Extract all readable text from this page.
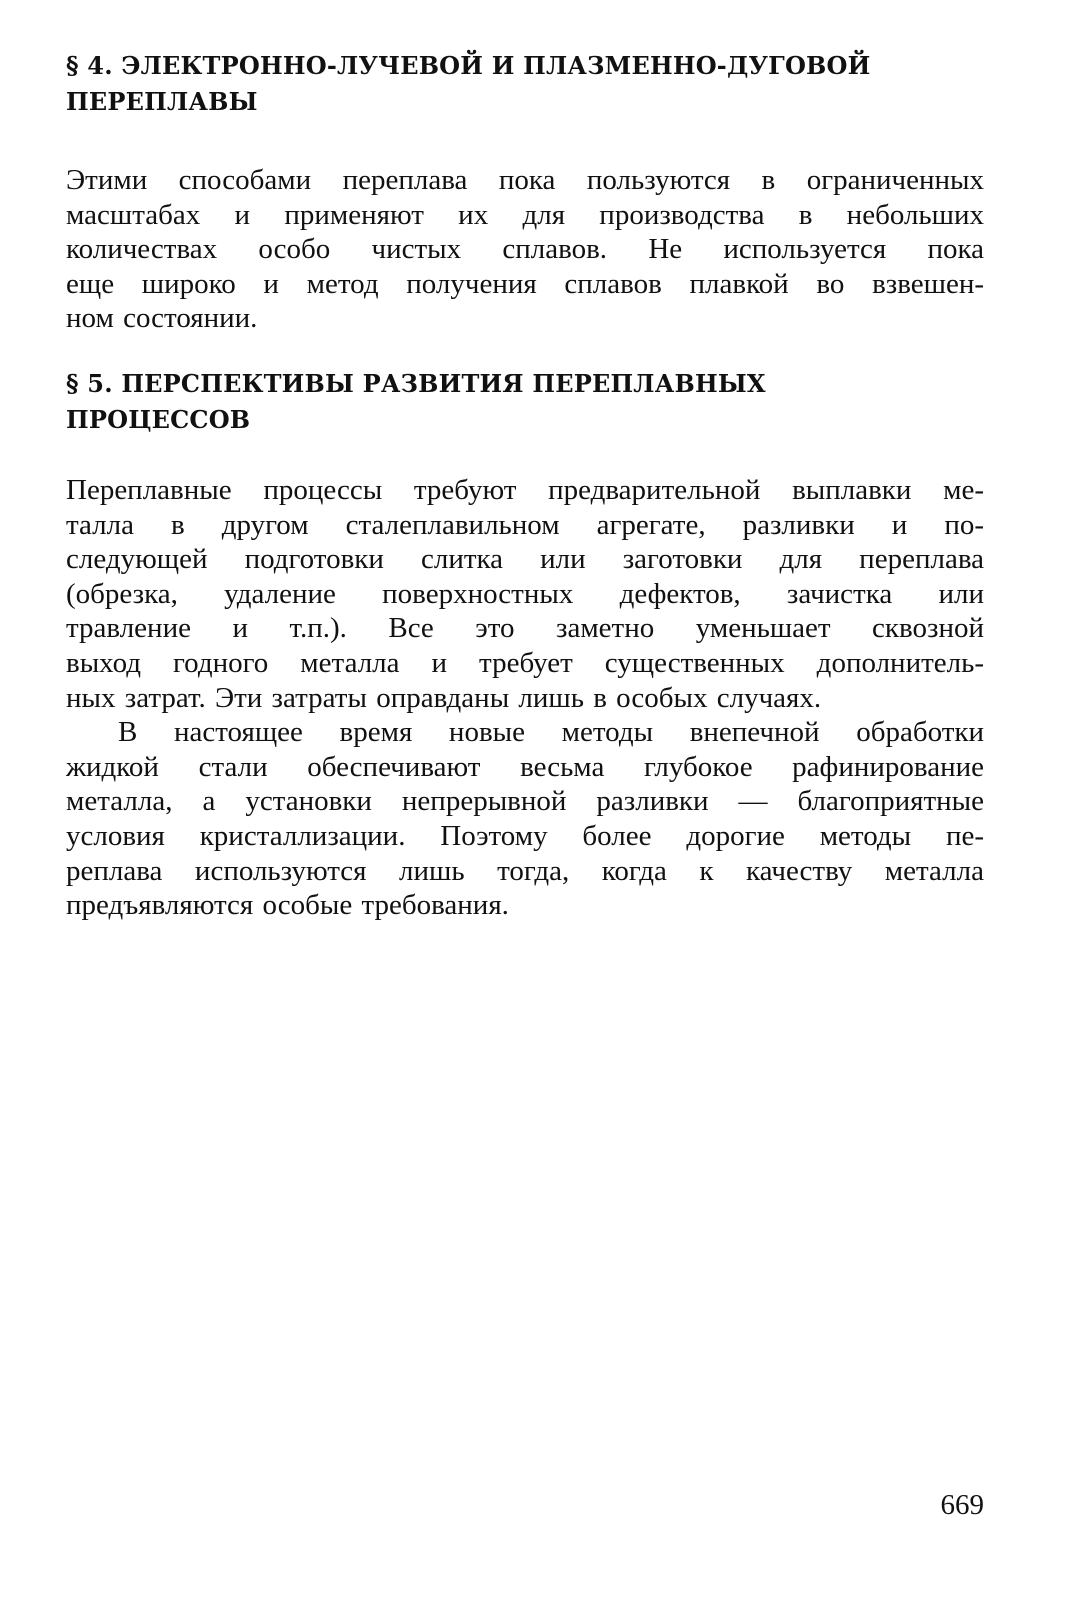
§ 4. ЭЛЕКТРОННО-ЛУЧЕВОЙ И ПЛАЗМЕННО-ДУГОВОЙ
ПЕРЕПЛАВЫ

Этими способами переплава пока пользуются в ограниченных
масштабах и применяют их для производства в небольших
количествах особо чистых сплавов. Не используется пока
еще широко и метод получения сплавов плавкой во взвешен-
ном состоянии.

§ 5. ПЕРСПЕКТИВЫ РАЗВИТИЯ ПЕРЕПЛАВНЫХ
ПРОЦЕССОВ

Переплавные процессы требуют предварительной выплавки ме-
талла в другом сталеплавильном агрегате, разливки и по-
следующей подготовки слитка или заготовки для переплава
(обрезка, удаление поверхностных дефектов, зачистка или
травление и т.п.). Все это заметно уменьшает сквозной
выход годного металла и требует существенных дополнитель-
ных затрат. Эти затраты оправданы лишь в особых случаях.

В настоящее время новые методы внепечной обработки
жидкой стали обеспечивают весьма глубокое рафинирование
металла, а установки непрерывной разливки — благоприятные
условия кристаллизации. Поэтому более дорогие методы пе-
реплава используются лишь тогда, когда к качеству металла
предъявляются особые требования.

669
